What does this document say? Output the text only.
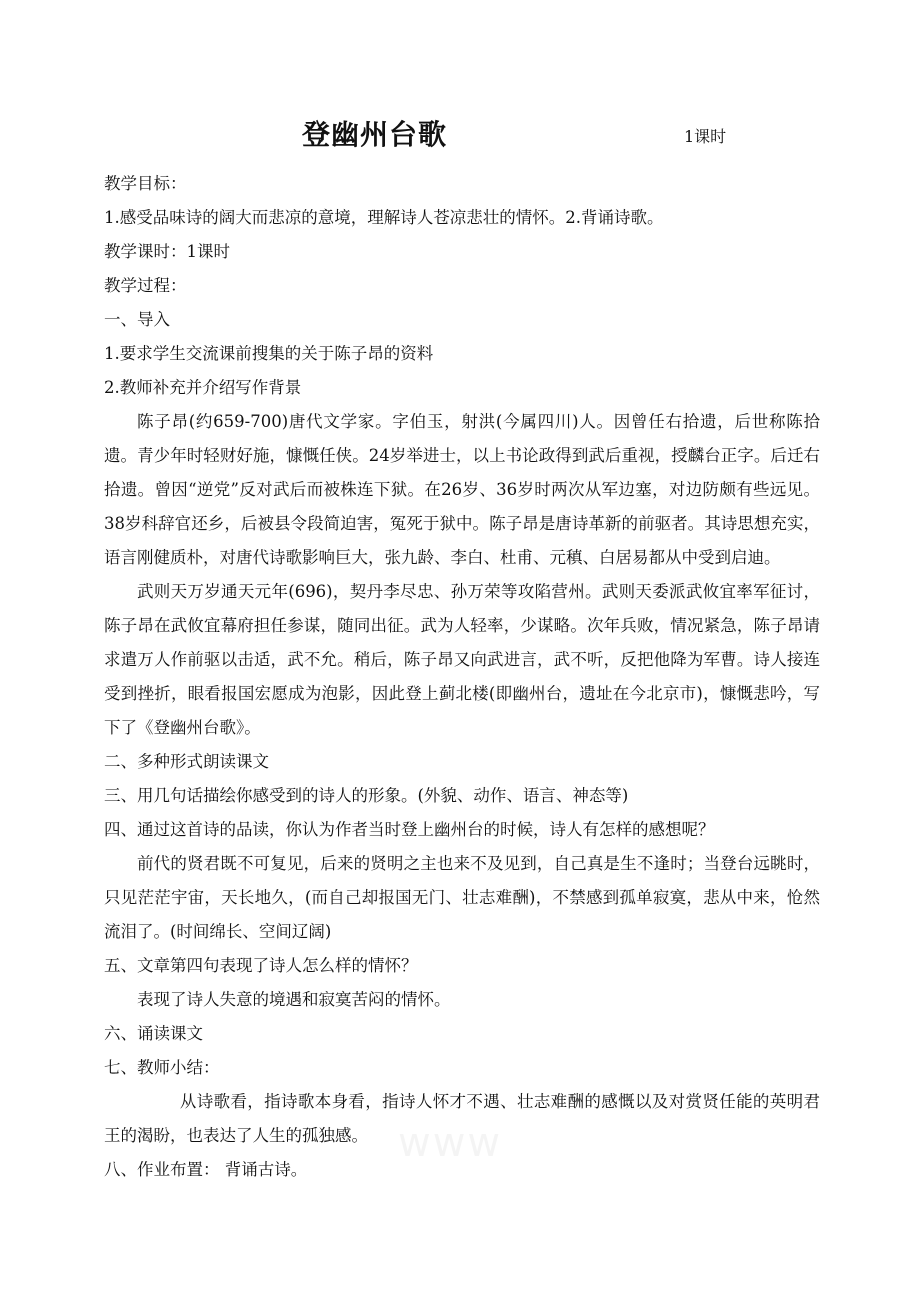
登幽州台歌	1课时

教学目标：

1.感受品味诗的阔大而悲凉的意境，理解诗人苍凉悲壮的情怀。2.背诵诗歌。

教学课时：1课时

教学过程：

一、导入

1.要求学生交流课前搜集的关于陈子昂的资料

2.教师补充并介绍写作背景

陈子昂(约659-700)唐代文学家。字伯玉，射洪(今属四川)人。因曾任右拾遗，后世称陈拾遗。青少年时轻财好施，慷慨任侠。24岁举进士，以上书论政得到武后重视，授麟台正字。后迁右拾遗。曾因“逆党”反对武后而被株连下狱。在26岁、36岁时两次从军边塞，对边防颇有些远见。38岁科辞官还乡，后被县令段简迫害，冤死于狱中。陈子昂是唐诗革新的前驱者。其诗思想充实，语言刚健质朴，对唐代诗歌影响巨大，张九龄、李白、杜甫、元稹、白居易都从中受到启迪。

武则天万岁通天元年(696)，契丹李尽忠、孙万荣等攻陷营州。武则天委派武攸宜率军征讨，陈子昂在武攸宜幕府担任参谋，随同出征。武为人轻率，少谋略。次年兵败，情况紧急，陈子昂请求遣万人作前驱以击适，武不允。稍后，陈子昂又向武进言，武不听，反把他降为军曹。诗人接连受到挫折，眼看报国宏愿成为泡影，因此登上蓟北楼(即幽州台，遗址在今北京市)，慷慨悲吟，写下了《登幽州台歌》。

二、多种形式朗读课文

三、用几句话描绘你感受到的诗人的形象。(外貌、动作、语言、神态等)

四、通过这首诗的品读，你认为作者当时登上幽州台的时候，诗人有怎样的感想呢？

前代的贤君既不可复见，后来的贤明之主也来不及见到，自己真是生不逢时；当登台远眺时，只见茫茫宇宙，天长地久，(而自己却报国无门、壮志难酬)，不禁感到孤单寂寞，悲从中来，怆然流泪了。(时间绵长、空间辽阔)

五、文章第四句表现了诗人怎么样的情怀？

表现了诗人失意的境遇和寂寞苦闷的情怀。

六、诵读课文

七、教师小结：

从诗歌看，指诗歌本身看，指诗人怀才不遇、壮志难酬的感慨以及对赏贤任能的英明君王的渴盼，也表达了人生的孤独感。

八、作业布置： 背诵古诗。
